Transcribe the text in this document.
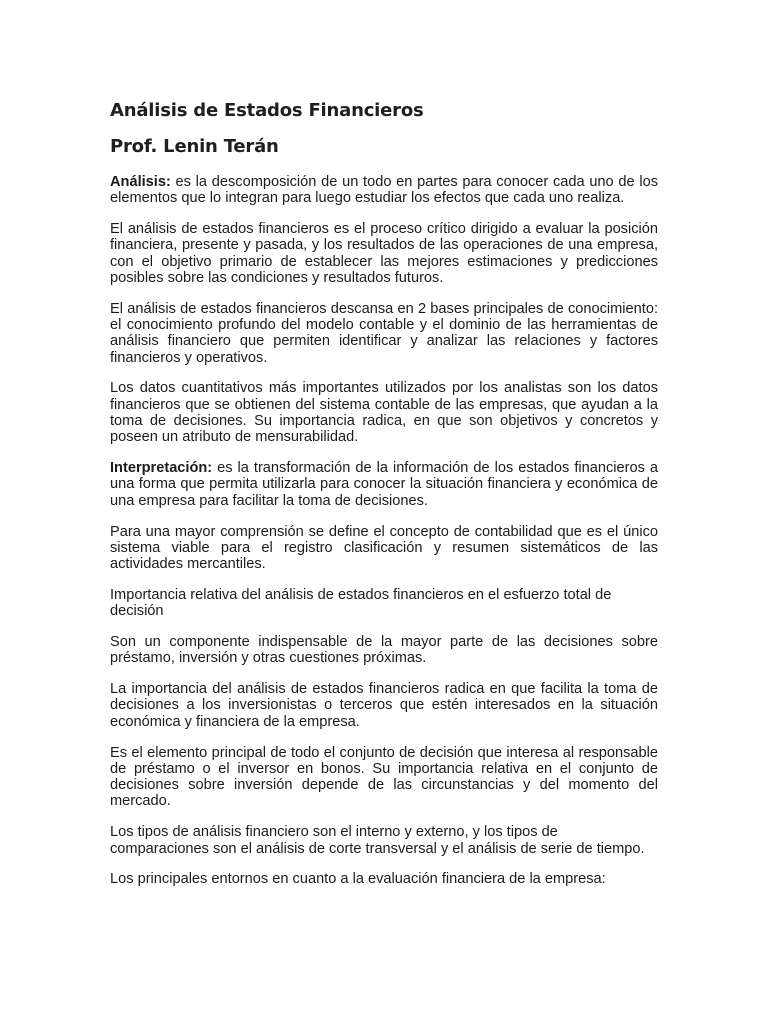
Análisis de Estados Financieros
Prof. Lenin Terán

Análisis: es la descomposición de un todo en partes para conocer cada uno de los elementos que lo integran para luego estudiar los efectos que cada uno realiza.

El análisis de estados financieros es el proceso crítico dirigido a evaluar la posición financiera, presente y pasada, y los resultados de las operaciones de una empresa, con el objetivo primario de establecer las mejores estimaciones y predicciones posibles sobre las condiciones y resultados futuros.

El análisis de estados financieros descansa en 2 bases principales de conocimiento: el conocimiento profundo del modelo contable y el dominio de las herramientas de análisis financiero que permiten identificar y analizar las relaciones y factores financieros y operativos.

Los datos cuantitativos más importantes utilizados por los analistas son los datos financieros que se obtienen del sistema contable de las empresas, que ayudan a la toma de decisiones. Su importancia radica, en que son objetivos y concretos y poseen un atributo de mensurabilidad.

Interpretación: es la transformación de la información de los estados financieros a una forma que permita utilizarla para conocer la situación financiera y económica de una empresa para facilitar la toma de decisiones.

Para una mayor comprensión se define el concepto de contabilidad que es el único sistema viable para el registro clasificación y resumen sistemáticos de las actividades mercantiles.

Importancia relativa del análisis de estados financieros en el esfuerzo total de decisión

Son un componente indispensable de la mayor parte de las decisiones sobre préstamo, inversión y otras cuestiones próximas.

La importancia del análisis de estados financieros radica en que facilita la toma de decisiones a los inversionistas o terceros que estén interesados en la situación económica y financiera de la empresa.

Es el elemento principal de todo el conjunto de decisión que interesa al responsable de préstamo o el inversor en bonos. Su importancia relativa en el conjunto de decisiones sobre inversión depende de las circunstancias y del momento del mercado.

Los tipos de análisis financiero son el interno y externo, y los tipos de comparaciones son el análisis de corte transversal y el análisis de serie de tiempo.

Los principales entornos en cuanto a la evaluación financiera de la empresa:
